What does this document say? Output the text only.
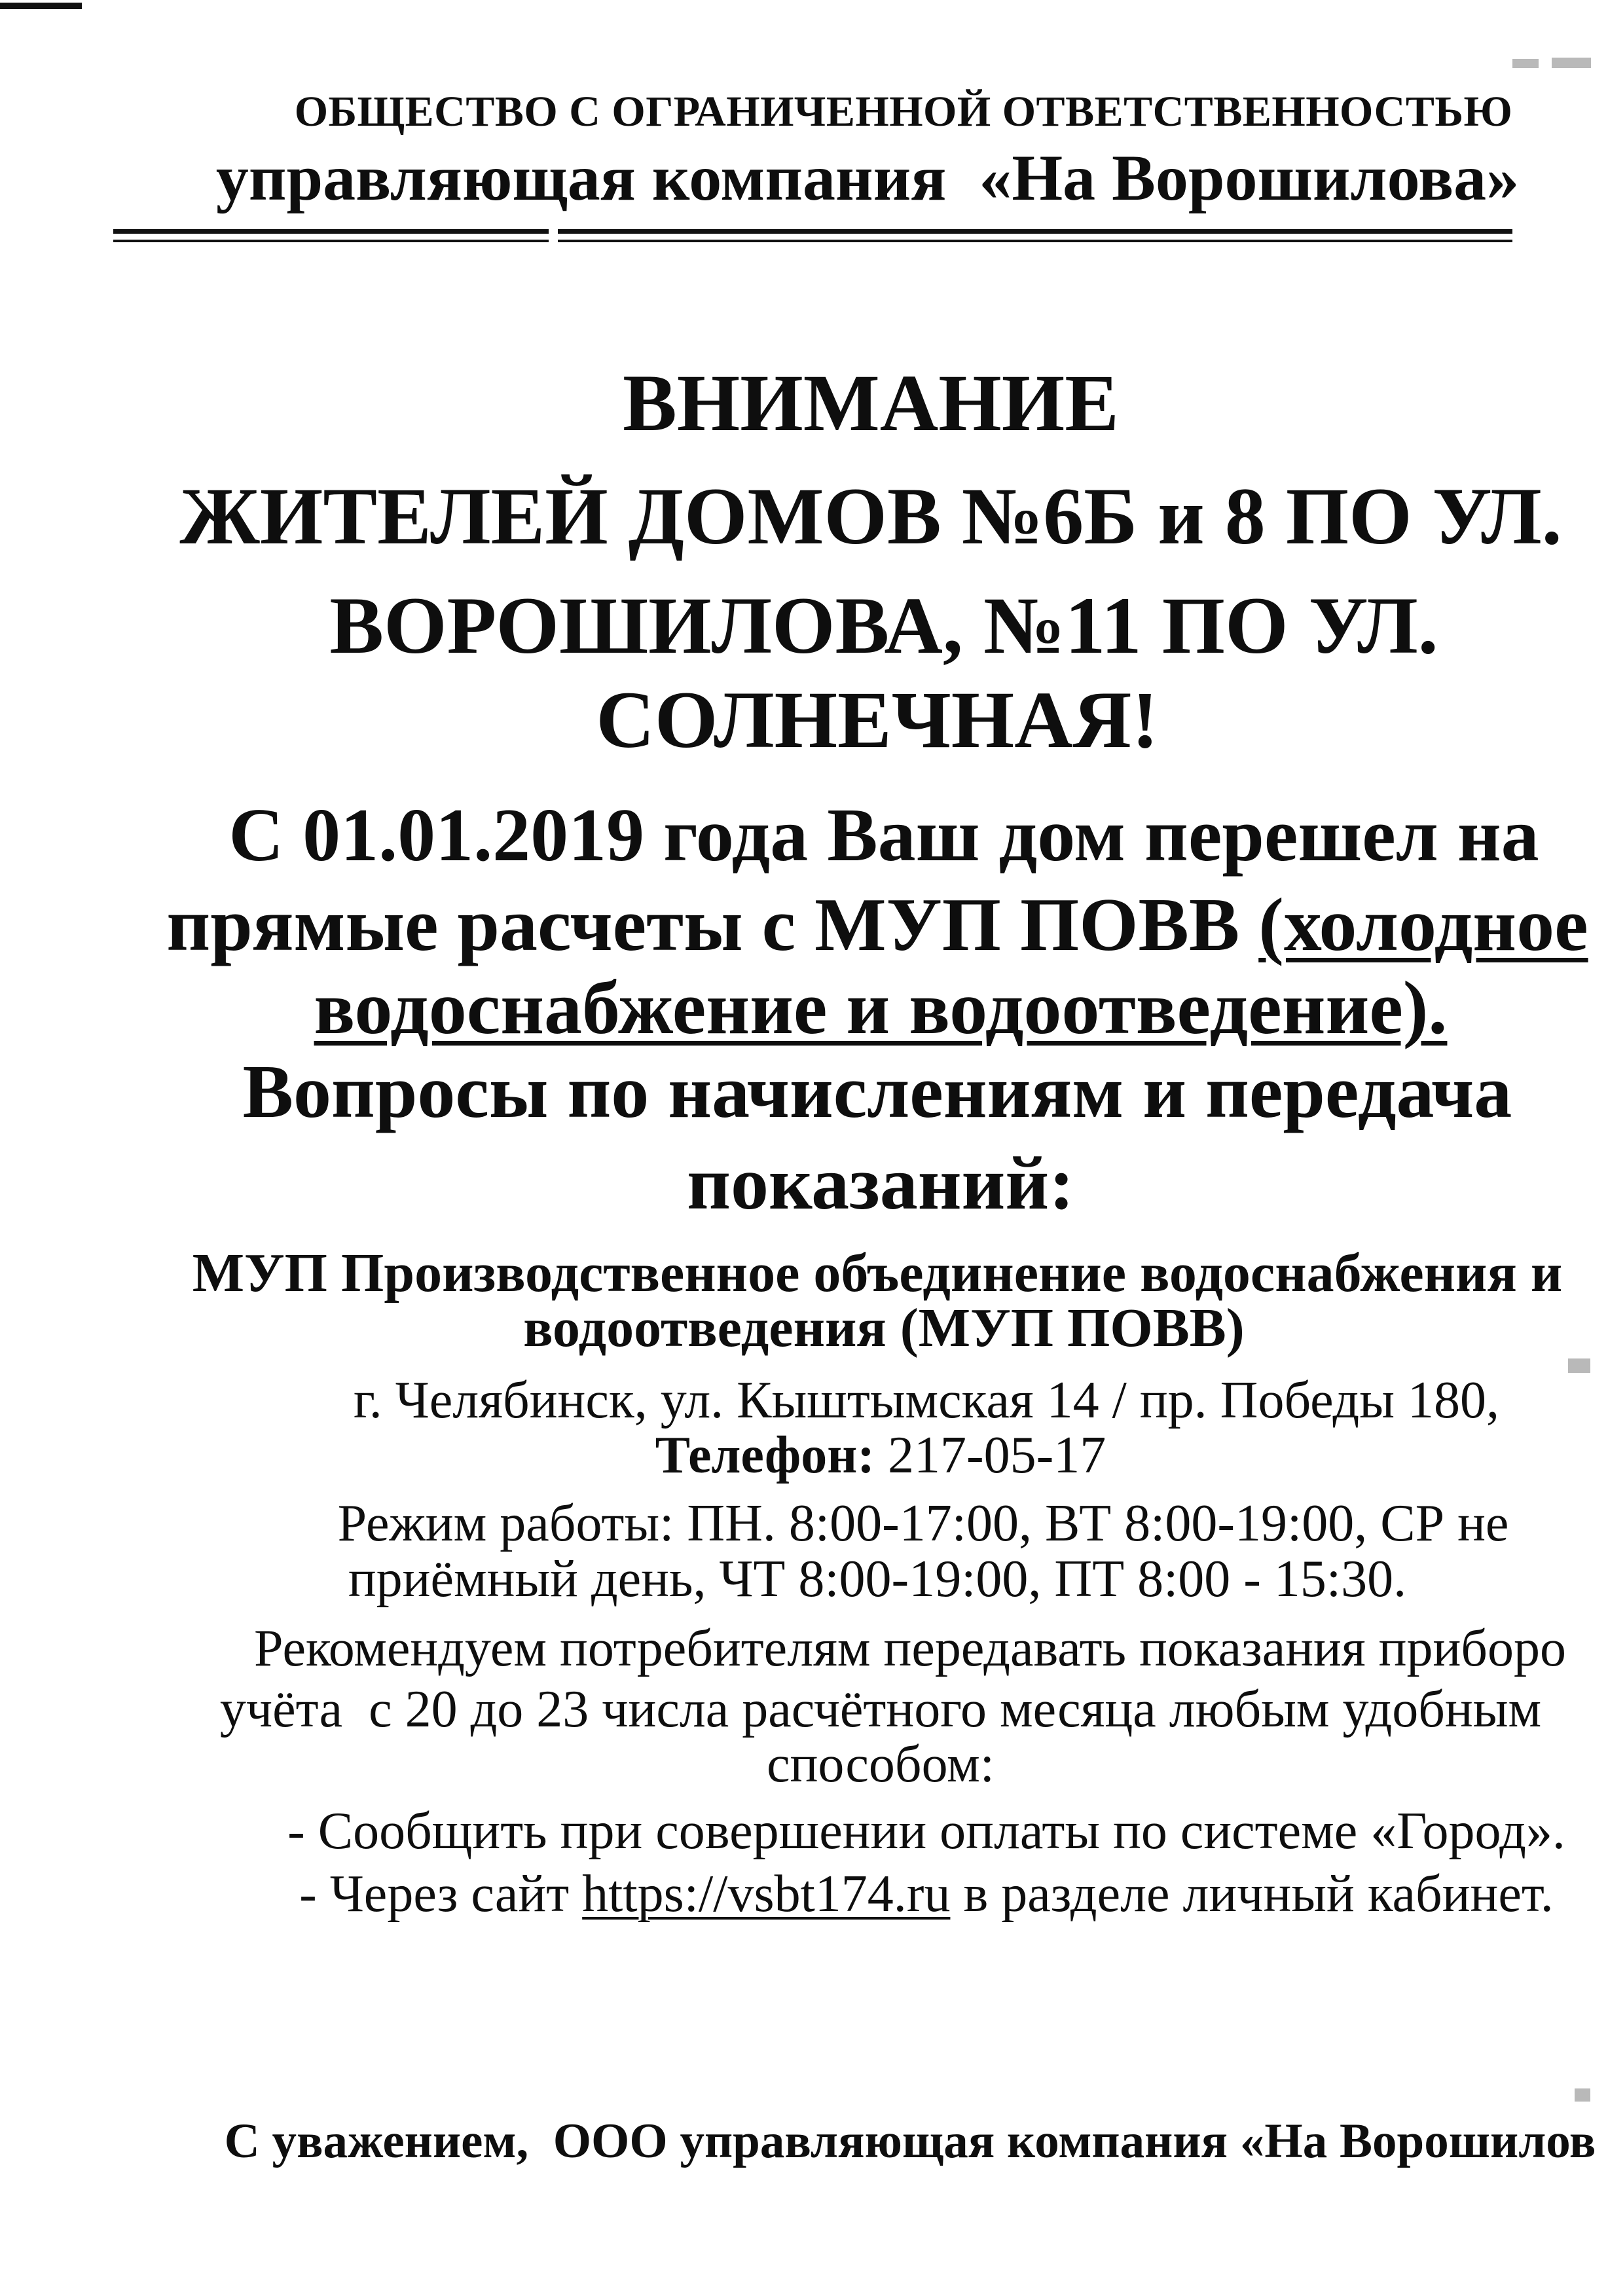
ОБЩЕСТВО С ОГРАНИЧЕННОЙ ОТВЕТСТВЕННОСТЬЮ
управляющая компания  «На Ворошилова»
ВНИМАНИЕ
ЖИТЕЛЕЙ ДОМОВ №6Б и 8 ПО УЛ.
ВОРОШИЛОВА, №11 ПО УЛ.
СОЛНЕЧНАЯ!
С 01.01.2019 года Ваш дом перешел на
прямые расчеты с МУП ПОВВ (холодное
водоснабжение и водоотведение).
Вопросы по начислениям и передача
показаний:
МУП Производственное объединение водоснабжения и
водоотведения (МУП ПОВВ)
г. Челябинск, ул. Кыштымская 14 / пр. Победы 180,
Телефон: 217-05-17
Режим работы: ПН. 8:00-17:00, ВТ 8:00-19:00, СР не
приёмный день, ЧТ 8:00-19:00, ПТ 8:00 - 15:30.
Рекомендуем потребителям передавать показания приборо
учёта  с 20 до 23 числа расчётного месяца любым удобным
способом:
- Сообщить при совершении оплаты по системе «Город».
- Через сайт https://vsbt174.ru в разделе личный кабинет.
С уважением,  ООО управляющая компания «На Ворошилов
